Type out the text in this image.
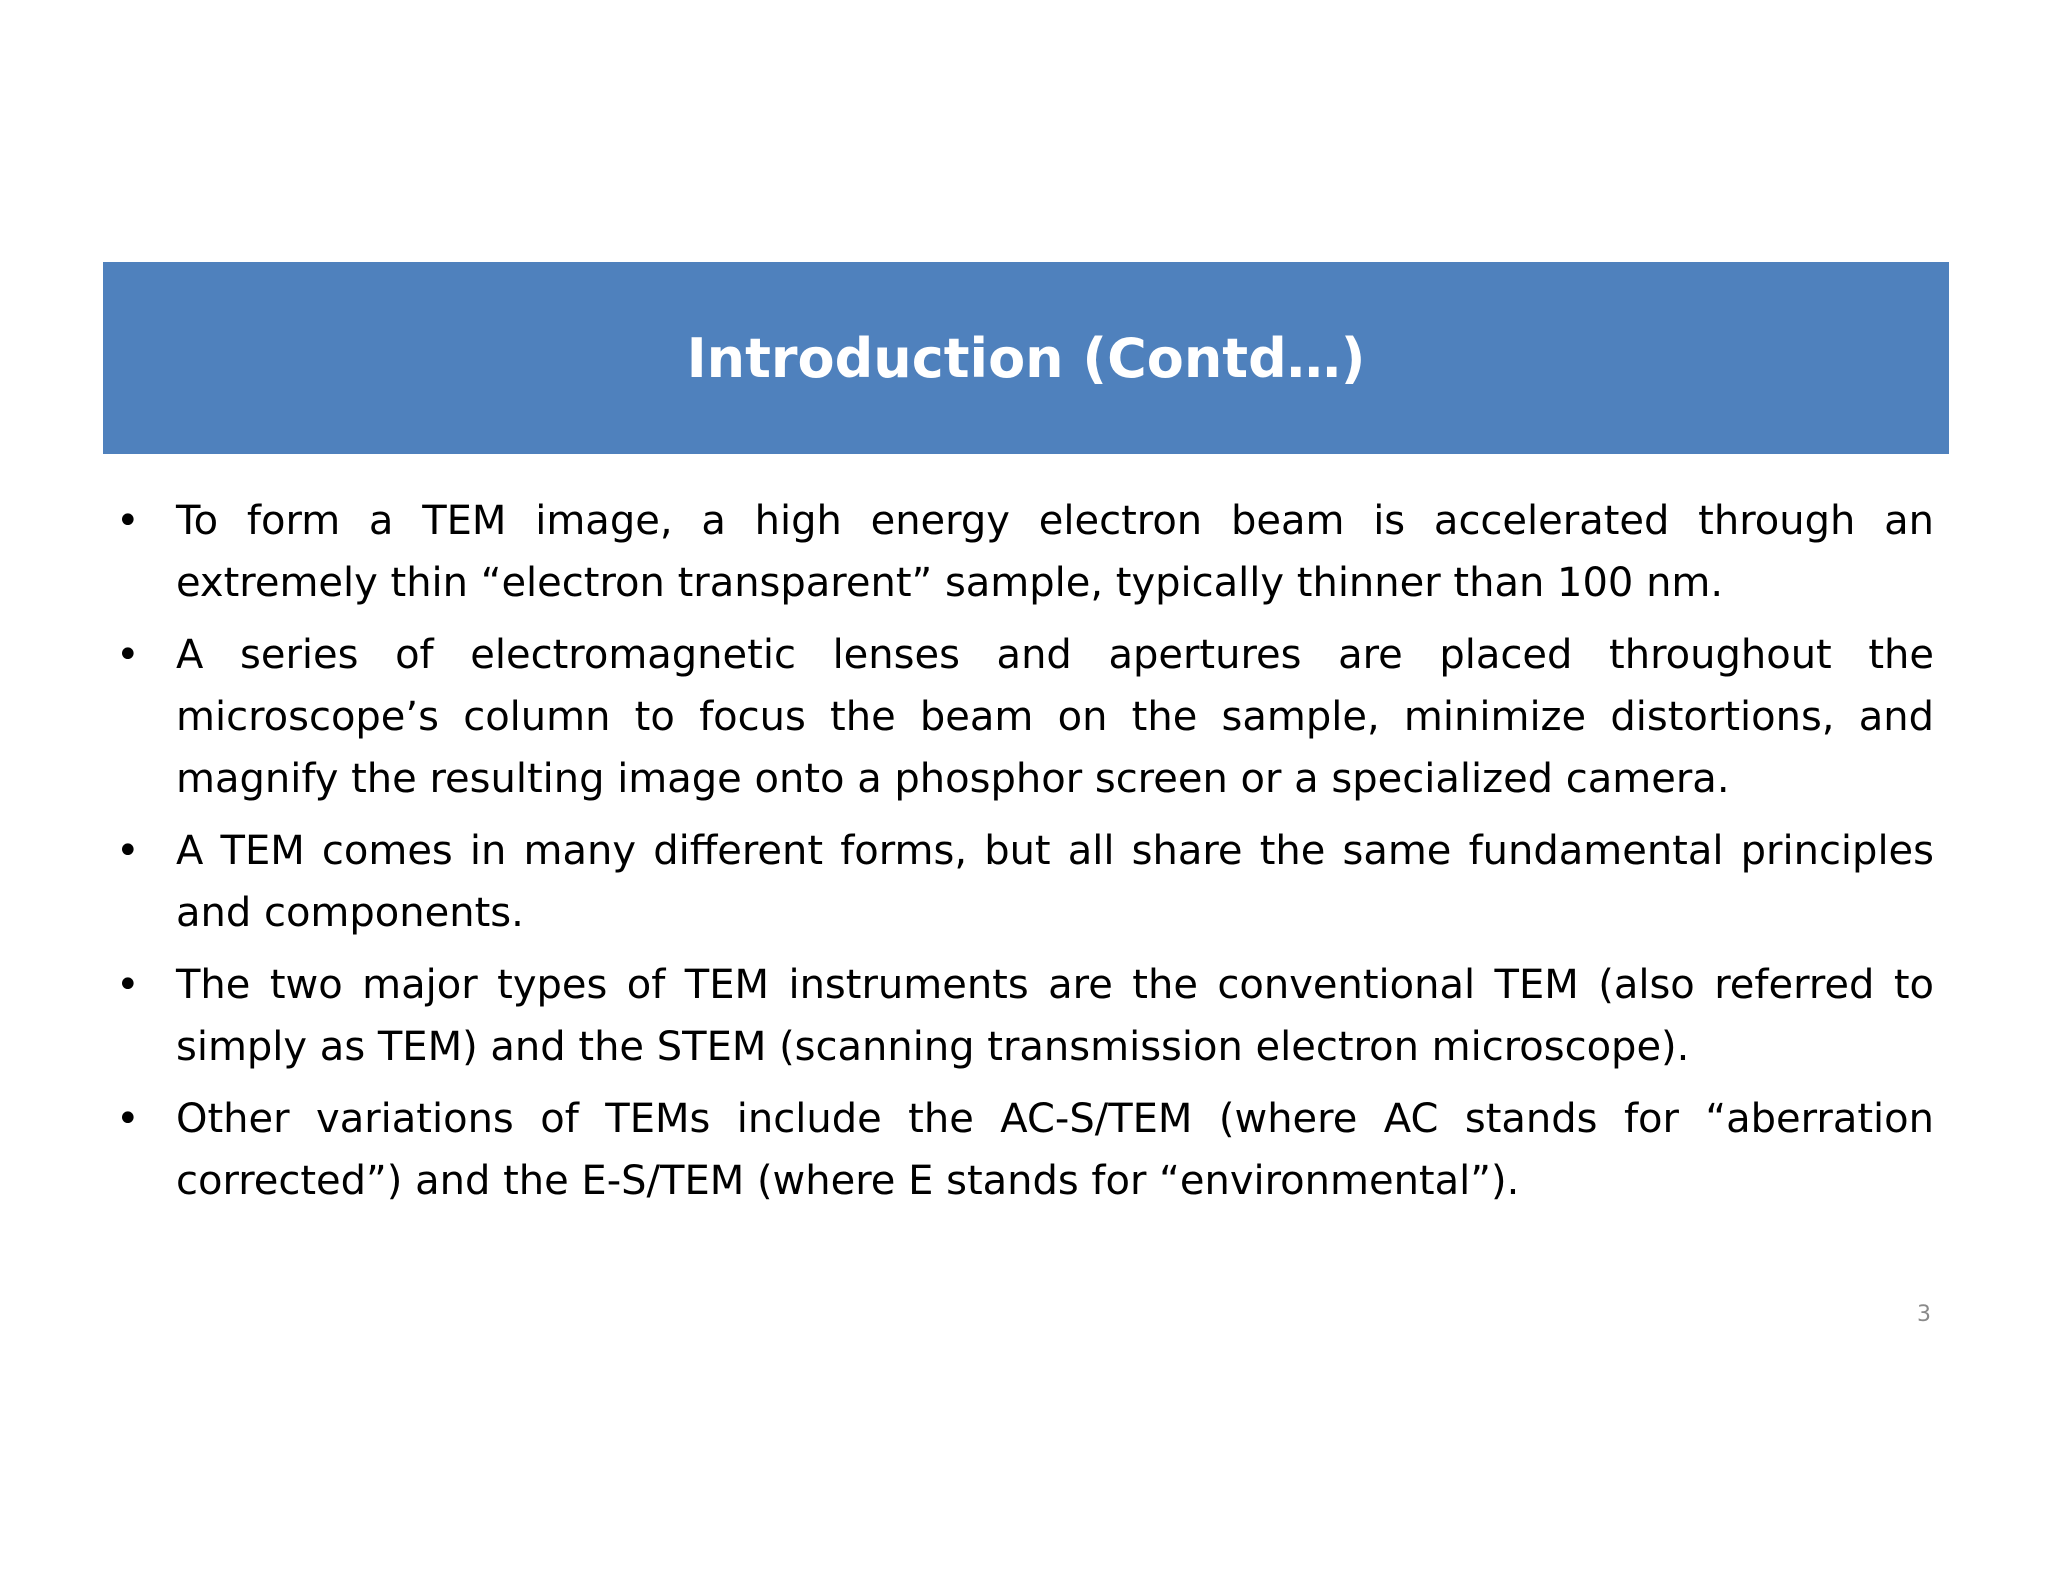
Introduction (Contd…)
• To form a TEM image, a high energy electron beam is accelerated through an extremely thin “electron transparent” sample, typically thinner than 100 nm.
• A series of electromagnetic lenses and apertures are placed throughout the microscope’s column to focus the beam on the sample, minimize distortions, and magnify the resulting image onto a phosphor screen or a specialized camera.
• A TEM comes in many different forms, but all share the same fundamental principles and components.
• The two major types of TEM instruments are the conventional TEM (also referred to simply as TEM) and the STEM (scanning transmission electron microscope).
• Other variations of TEMs include the AC-S/TEM (where AC stands for “aberration corrected”) and the E-S/TEM (where E stands for “environmental”).
3
